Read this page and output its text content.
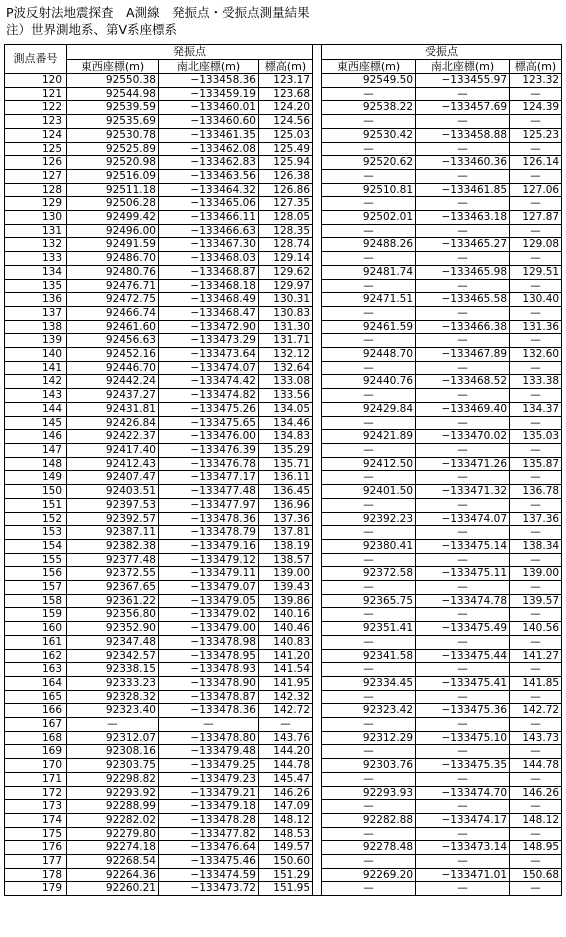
P波反射法地震探査　A測線　発振点・受振点測量結果
注）世界測地系、第Ⅴ系座標系
測点番号	発振点				受振点		
	東西座標(m)	南北座標(m)	標高(m)		東西座標(m)	南北座標(m)	標高(m)
120	92550.38	−133458.36	123.17		92549.50	−133455.97	123.32
121	92544.98	−133459.19	123.68		—	—	—
122	92539.59	−133460.01	124.20		92538.22	−133457.69	124.39
123	92535.69	−133460.60	124.56		—	—	—
124	92530.78	−133461.35	125.03		92530.42	−133458.88	125.23
125	92525.89	−133462.08	125.49		—	—	—
126	92520.98	−133462.83	125.94		92520.62	−133460.36	126.14
127	92516.09	−133463.56	126.38		—	—	—
128	92511.18	−133464.32	126.86		92510.81	−133461.85	127.06
129	92506.28	−133465.06	127.35		—	—	—
130	92499.42	−133466.11	128.05		92502.01	−133463.18	127.87
131	92496.00	−133466.63	128.35		—	—	—
132	92491.59	−133467.30	128.74		92488.26	−133465.27	129.08
133	92486.70	−133468.03	129.14		—	—	—
134	92480.76	−133468.87	129.62		92481.74	−133465.98	129.51
135	92476.71	−133468.18	129.97		—	—	—
136	92472.75	−133468.49	130.31		92471.51	−133465.58	130.40
137	92466.74	−133468.47	130.83		—	—	—
138	92461.60	−133472.90	131.30		92461.59	−133466.38	131.36
139	92456.63	−133473.29	131.71		—	—	—
140	92452.16	−133473.64	132.12		92448.70	−133467.89	132.60
141	92446.70	−133474.07	132.64		—	—	—
142	92442.24	−133474.42	133.08		92440.76	−133468.52	133.38
143	92437.27	−133474.82	133.56		—	—	—
144	92431.81	−133475.26	134.05		92429.84	−133469.40	134.37
145	92426.84	−133475.65	134.46		—	—	—
146	92422.37	−133476.00	134.83		92421.89	−133470.02	135.03
147	92417.40	−133476.39	135.29		—	—	—
148	92412.43	−133476.78	135.71		92412.50	−133471.26	135.87
149	92407.47	−133477.17	136.11		—	—	—
150	92403.51	−133477.48	136.45		92401.50	−133471.32	136.78
151	92397.53	−133477.97	136.96		—	—	—
152	92392.57	−133478.36	137.36		92392.23	−133474.07	137.36
153	92387.11	−133478.79	137.81		—	—	—
154	92382.38	−133479.16	138.19		92380.41	−133475.14	138.34
155	92377.48	−133479.12	138.57		—	—	—
156	92372.55	−133479.11	139.00		92372.58	−133475.11	139.00
157	92367.65	−133479.07	139.43		—	—	—
158	92361.22	−133479.05	139.86		92365.75	−133474.78	139.57
159	92356.80	−133479.02	140.16		—	—	—
160	92352.90	−133479.00	140.46		92351.41	−133475.49	140.56
161	92347.48	−133478.98	140.83		—	—	—
162	92342.57	−133478.95	141.20		92341.58	−133475.44	141.27
163	92338.15	−133478.93	141.54		—	—	—
164	92333.23	−133478.90	141.95		92334.45	−133475.41	141.85
165	92328.32	−133478.87	142.32		—	—	—
166	92323.40	−133478.36	142.72		92323.42	−133475.36	142.72
167	—	—	—		—	—	—
168	92312.07	−133478.80	143.76		92312.29	−133475.10	143.73
169	92308.16	−133479.48	144.20		—	—	—
170	92303.75	−133479.25	144.78		92303.76	−133475.35	144.78
171	92298.82	−133479.23	145.47		—	—	—
172	92293.92	−133479.21	146.26		92293.93	−133474.70	146.26
173	92288.99	−133479.18	147.09		—	—	—
174	92282.02	−133478.28	148.12		92282.88	−133474.17	148.12
175	92279.80	−133477.82	148.53		—	—	—
176	92274.18	−133476.64	149.57		92278.48	−133473.14	148.95
177	92268.54	−133475.46	150.60		—	—	—
178	92264.36	−133474.59	151.29		92269.20	−133471.01	150.68
179	92260.21	−133473.72	151.95		—	—	—
